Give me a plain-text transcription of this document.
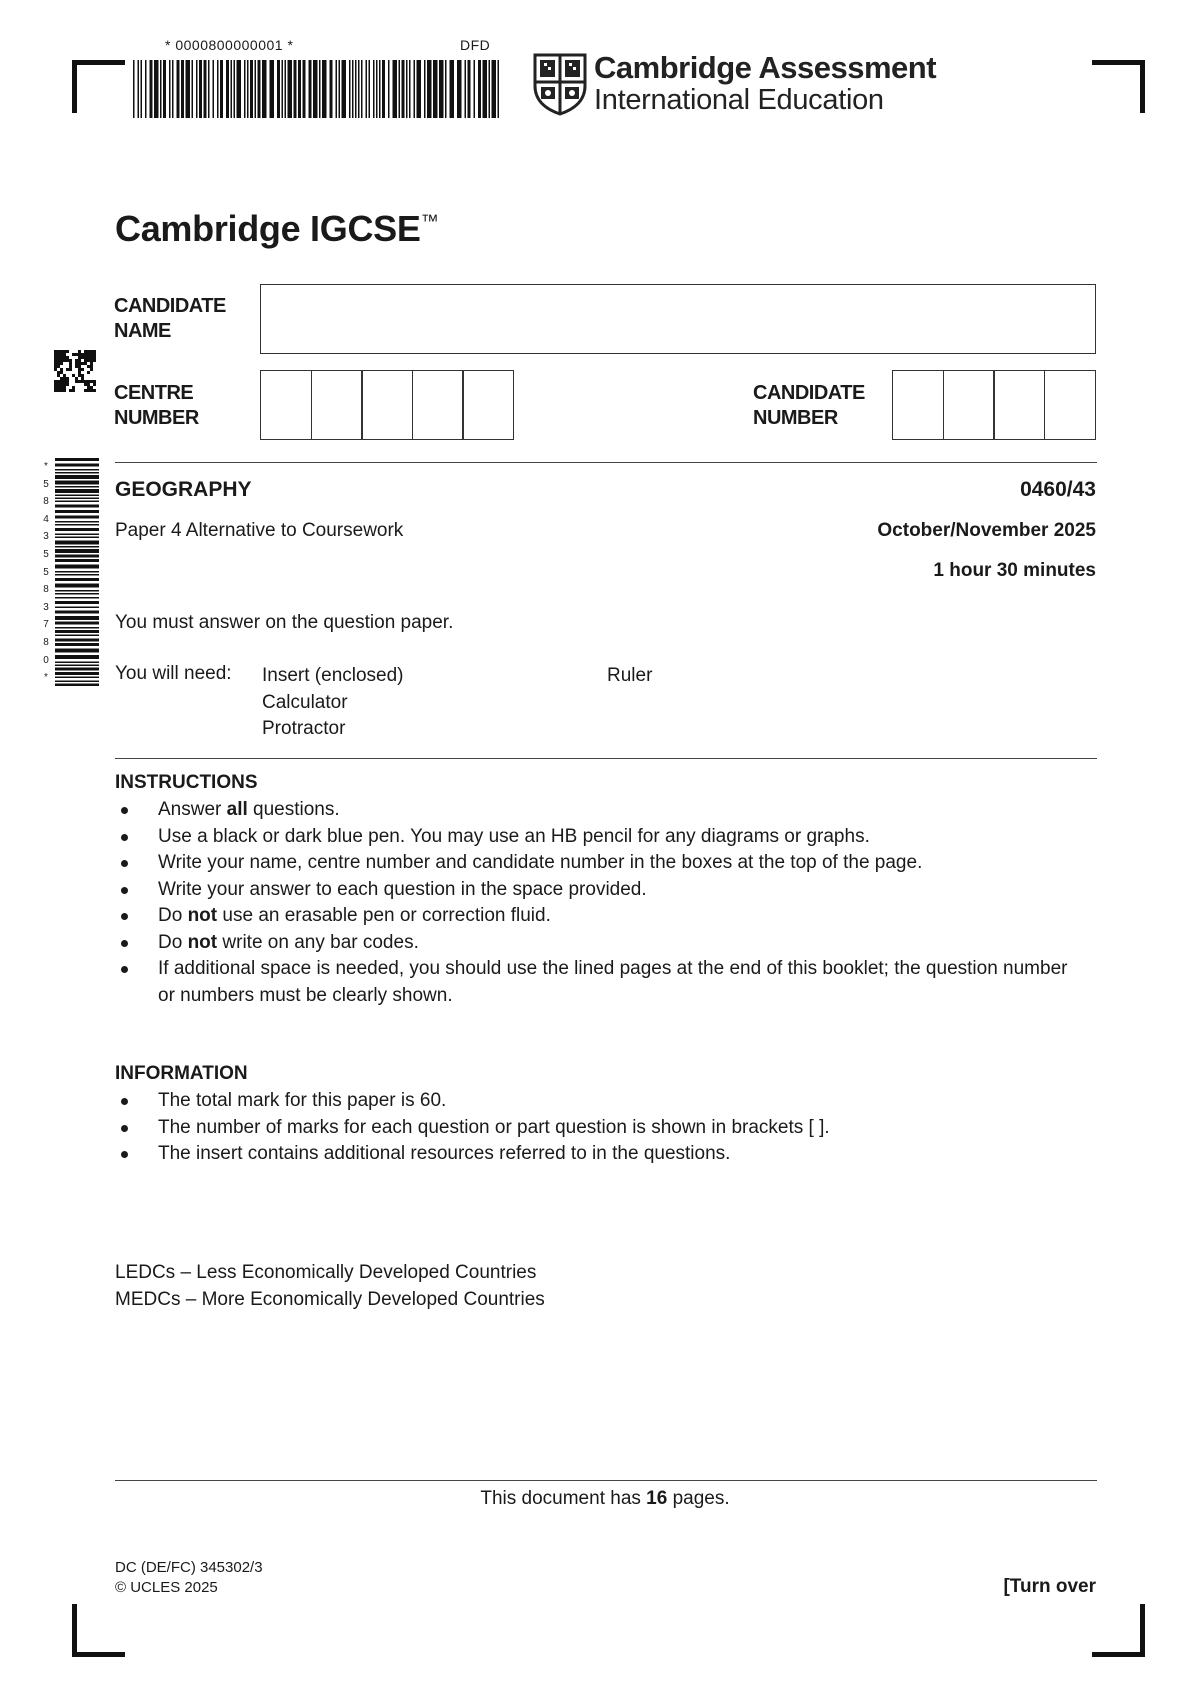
* 0000800000001 *	DFD
Cambridge Assessment
International Education
Cambridge IGCSE™
*
5
8
4
3
5
5
8
3
7
8
0
*
CANDIDATE NAME
CENTRE NUMBER
CANDIDATE NUMBER
GEOGRAPHY	0460/43
Paper 4 Alternative to Coursework	October/November 2025
1 hour 30 minutes
You must answer on the question paper.
You will need: Insert (enclosed)
Calculator
Protractor
Ruler
INSTRUCTIONS
Answer all questions.
Use a black or dark blue pen. You may use an HB pencil for any diagrams or graphs.
Write your name, centre number and candidate number in the boxes at the top of the page.
Write your answer to each question in the space provided.
Do not use an erasable pen or correction fluid.
Do not write on any bar codes.
If additional space is needed, you should use the lined pages at the end of this booklet; the question number or numbers must be clearly shown.
INFORMATION
The total mark for this paper is 60.
The number of marks for each question or part question is shown in brackets [ ].
The insert contains additional resources referred to in the questions.
LEDCs – Less Economically Developed Countries
MEDCs – More Economically Developed Countries
This document has 16 pages.
DC (DE/FC) 345302/3
© UCLES 2025	[Turn over
